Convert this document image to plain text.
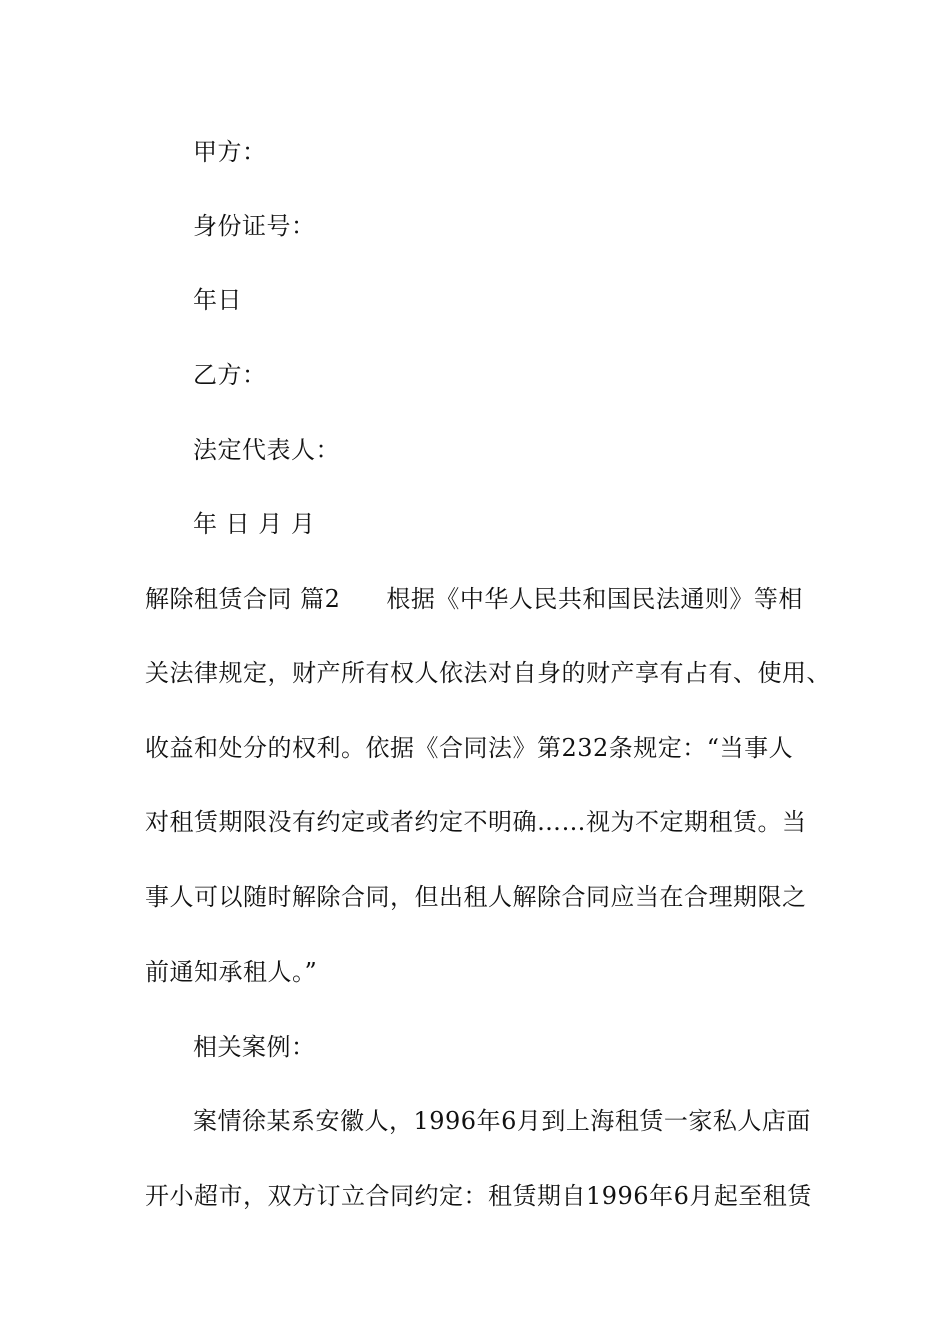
甲方：
身份证号：
年日
乙方：
法定代表人：
年 日 月 月
解除租赁合同 篇2 根据《中华人民共和国民法通则》等相
关法律规定，财产所有权人依法对自身的财产享有占有、使用、
收益和处分的权利。依据《合同法》第232条规定：“当事人
对租赁期限没有约定或者约定不明确……视为不定期租赁。当
事人可以随时解除合同，但出租人解除合同应当在合理期限之
前通知承租人。”
相关案例：
案情徐某系安徽人，1996年6月到上海租赁一家私人店面
开小超市，双方订立合同约定：租赁期自1996年6月起至租赁
